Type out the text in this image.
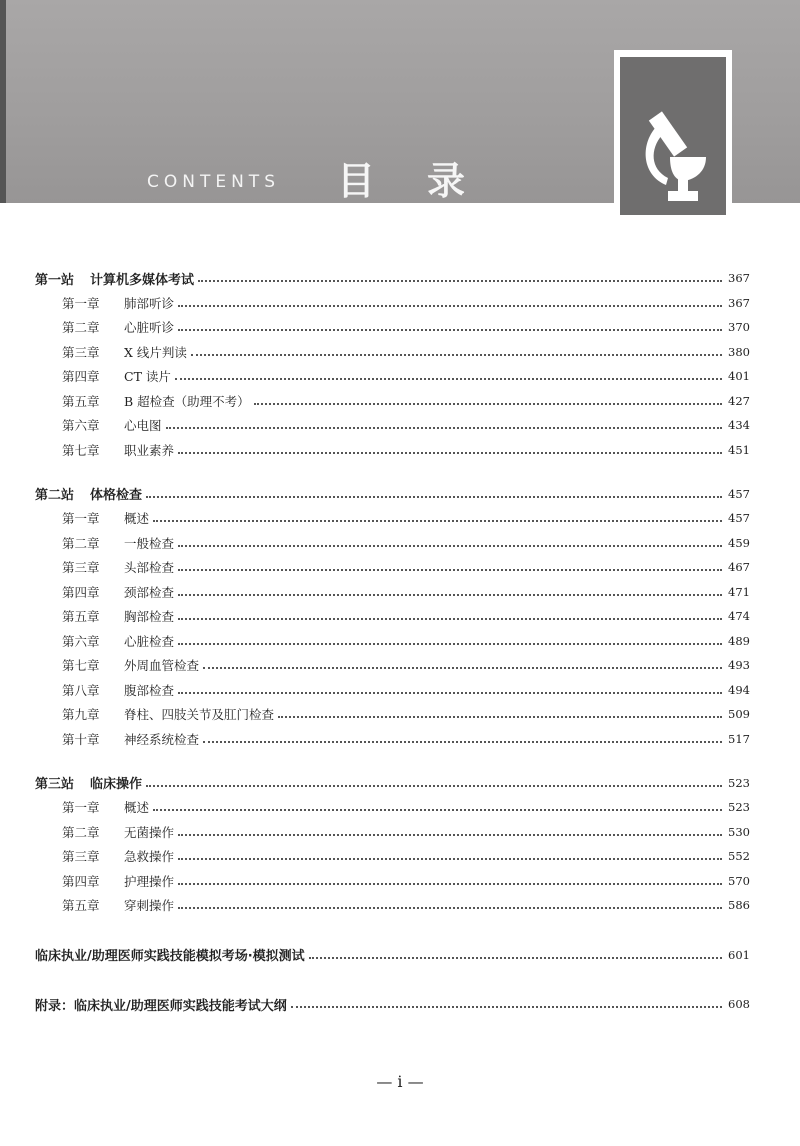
CONTENTS 目录
第一站	计算机多媒体考试	367
第一章	肺部听诊	367
第二章	心脏听诊	370
第三章	X 线片判读	380
第四章	CT 读片	401
第五章	B 超检查（助理不考）	427
第六章	心电图	434
第七章	职业素养	451
第二站	体格检查	457
第一章	概述	457
第二章	一般检查	459
第三章	头部检查	467
第四章	颈部检查	471
第五章	胸部检查	474
第六章	心脏检查	489
第七章	外周血管检查	493
第八章	腹部检查	494
第九章	脊柱、四肢关节及肛门检查	509
第十章	神经系统检查	517
第三站	临床操作	523
第一章	概述	523
第二章	无菌操作	530
第三章	急救操作	552
第四章	护理操作	570
第五章	穿刺操作	586
临床执业/助理医师实践技能模拟考场·模拟测试	601
附录：临床执业/助理医师实践技能考试大纲	608
— i —
